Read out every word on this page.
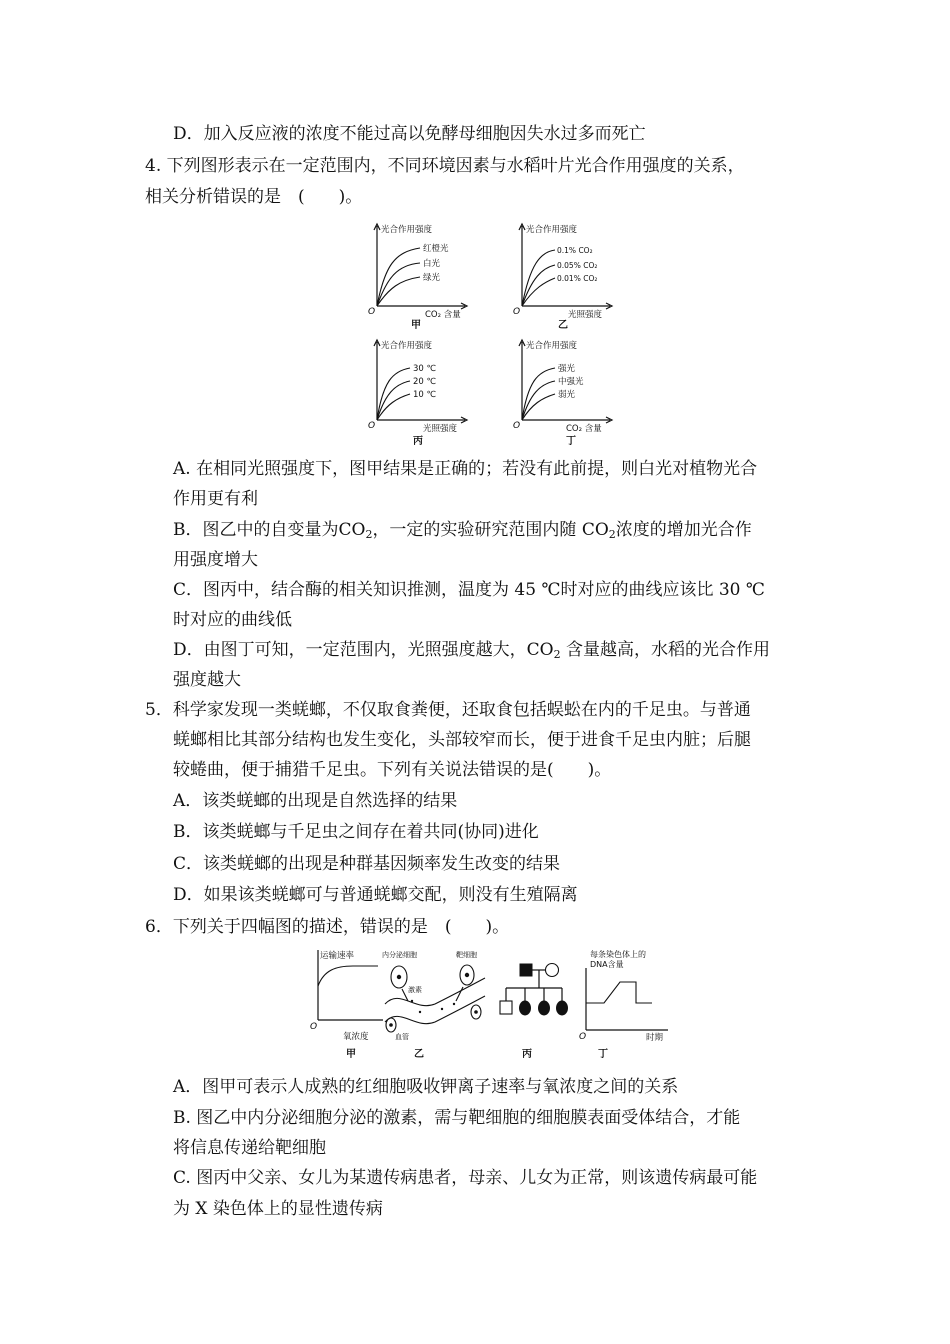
D．加入反应液的浓度不能过高以免酵母细胞因失水过多而死亡
4. 下列图形表示在一定范围内，不同环境因素与水稻叶片光合作用强度的关系，
相关分析错误的是　(　　)。
光合作用强度
红橙光
白光
绿光
O	CO₂ 含量
甲
光合作用强度
0.1% CO₂
0.05% CO₂
0.01% CO₂
O	光照强度
乙
光合作用强度
30 ℃
20 ℃
10 ℃
O	光照强度
丙
光合作用强度
强光
中强光
弱光
O	CO₂ 含量
丁
A. 在相同光照强度下，图甲结果是正确的；若没有此前提，则白光对植物光合
作用更有利
B．图乙中的自变量为$CO_2$，一定的实验研究范围内随 $CO_2$浓度的增加光合作
用强度增大
C．图丙中，结合酶的相关知识推测，温度为 45 ℃时对应的曲线应该比 30 ℃
时对应的曲线低
D．由图丁可知，一定范围内，光照强度越大，$CO_2$ 含量越高，水稻的光合作用
强度越大
5．科学家发现一类蜣螂，不仅取食粪便，还取食包括蜈蚣在内的千足虫。与普通
蜣螂相比其部分结构也发生变化，头部较窄而长，便于进食千足虫内脏；后腿
较蜷曲，便于捕猎千足虫。下列有关说法错误的是(　　)。
A．该类蜣螂的出现是自然选择的结果
B．该类蜣螂与千足虫之间存在着共同(协同)进化
C．该类蜣螂的出现是种群基因频率发生改变的结果
D．如果该类蜣螂可与普通蜣螂交配，则没有生殖隔离
6．下列关于四幅图的描述，错误的是　(　　)。
运输速率
O
氧浓度
甲
内分泌细胞	靶细胞
激素
血管
乙	丙
每条染色体上的
DNA含量
O	时期
丁
A．图甲可表示人成熟的红细胞吸收钾离子速率与氧浓度之间的关系
B. 图乙中内分泌细胞分泌的激素，需与靶细胞的细胞膜表面受体结合，才能
将信息传递给靶细胞
C. 图丙中父亲、女儿为某遗传病患者，母亲、儿女为正常，则该遗传病最可能
为 X 染色体上的显性遗传病
